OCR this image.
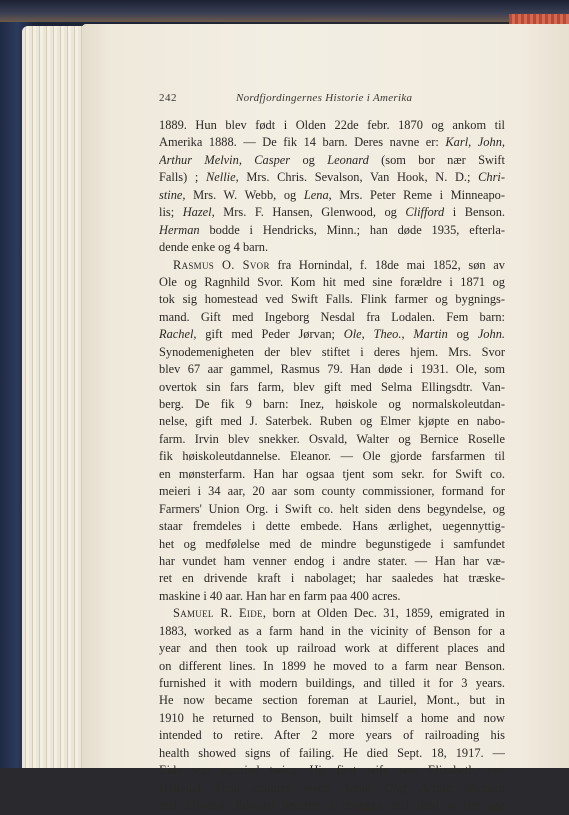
242	Nordfjordingernes Historie i Amerika
1889. Hun blev født i Olden 22de febr. 1870 og ankom til
Amerika 1888. — De fik 14 barn. Deres navne er: Karl, John,
Arthur Melvin, Casper og Leonard (som bor nær Swift
Falls) ; Nellie, Mrs. Chris. Sevalson, Van Hook, N. D.; Chri-
stine, Mrs. W. Webb, og Lena, Mrs. Peter Reme i Minneapo-
lis; Hazel, Mrs. F. Hansen, Glenwood, og Clifford i Benson.
Herman bodde i Hendricks, Minn.; han døde 1935, efterla-
dende enke og 4 barn.
Rasmus O. Svor fra Hornindal, f. 18de mai 1852, søn av
Ole og Ragnhild Svor. Kom hit med sine forældre i 1871 og
tok sig homestead ved Swift Falls. Flink farmer og bygnings-
mand. Gift med Ingeborg Nesdal fra Lodalen. Fem barn:
Rachel, gift med Peder Jørvan; Ole, Theo., Martin og John.
Synodemenigheten der blev stiftet i deres hjem. Mrs. Svor
blev 67 aar gammel, Rasmus 79. Han døde i 1931. Ole, som
overtok sin fars farm, blev gift med Selma Ellingsdtr. Van-
berg. De fik 9 barn: Inez, høiskole og normalskoleutdan-
nelse, gift med J. Saterbek. Ruben og Elmer kjøpte en nabo-
farm. Irvin blev snekker. Osvald, Walter og Bernice Roselle
fik høiskoleutdannelse. Eleanor. — Ole gjorde farsfarmen til
en mønsterfarm. Han har ogsaa tjent som sekr. for Swift co.
meieri i 34 aar, 20 aar som county commissioner, formand for
Farmers' Union Org. i Swift co. helt siden dens begyndelse, og
staar fremdeles i dette embede. Hans ærlighet, uegennyttig-
het og medfølelse med de mindre begunstigede i samfundet
har vundet ham venner endog i andre stater. — Han har væ-
ret en drivende kraft i nabolaget; har saaledes hat træske-
maskine i 40 aar. Han har en farm paa 400 acres.
Samuel R. Eide, born at Olden Dec. 31, 1859, emigrated in
1883, worked as a farm hand in the vicinity of Benson for a
year and then took up railroad work at different places and
on different lines. In 1899 he moved to a farm near Benson.
furnished it with modern buildings, and tilled it for 3 years.
He now became section foreman at Lauriel, Mont., but in
1910 he returned to Benson, built himself a home and now
intended to retire. After 2 more years of railroading his
health showed signs of failing. He died Sept. 18, 1917. —
Eide was married twice. His first wife was Elizabeth, nee
Hatledal. Their children were: Annie, Olaf, Arthur, Richard
and Edward. Edward became a druggist and died at the age
